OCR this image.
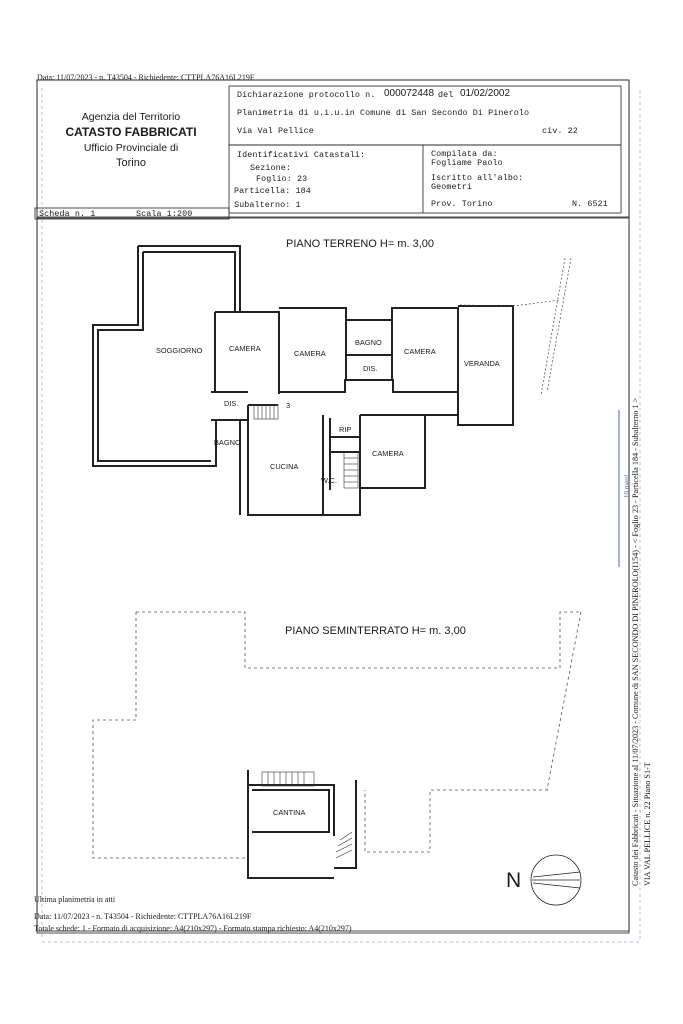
Data: 11/07/2023 - n. T43504 - Richiedente: CTTPLA76A16L219F
Agenzia del Territorio
CATASTO FABBRICATI
Ufficio Provinciale di
Torino
Dichiarazione protocollo n. 000072448 del 01/02/2002
Planimetria di u.i.u.in Comune di San Secondo Di Pinerolo
Via Val Pellice	civ. 22
Identificativi Catastali:
Sezione:
Foglio: 23
Particella: 184
Subalterno: 1
Compilata da:
Fogliame Paolo
Iscritto all'albo:
Geometri
Prov. Torino	N. 6521
Scheda n. 1	Scala 1:200
PIANO TERRENO H= m. 3,00
PIANO SEMINTERRATO H= m. 3,00
SOGGIORNO	CAMERA
CAMERA
BAGNO
DIS.
CAMERA
VERANDA
DIS.	3
BAGNO
CUCINA
RIP
CAMERA
W.C.
CANTINA
N	Catasto dei Fabbricati - Situazione al 11/07/2023 - Comune di SAN SECONDO DI PINEROLO(I154) - < Foglio 23 - Particella 184 - Subalterno 1 > VIA VAL PELLICE n. 22 Piano S1-T
10 metri
Ultima planimetria in atti
Data: 11/07/2023 - n. T43504 - Richiedente: CTTPLA76A16L219F
Totale schede: 1 - Formato di acquisizione: A4(210x297) - Formato stampa richiesto: A4(210x297)
